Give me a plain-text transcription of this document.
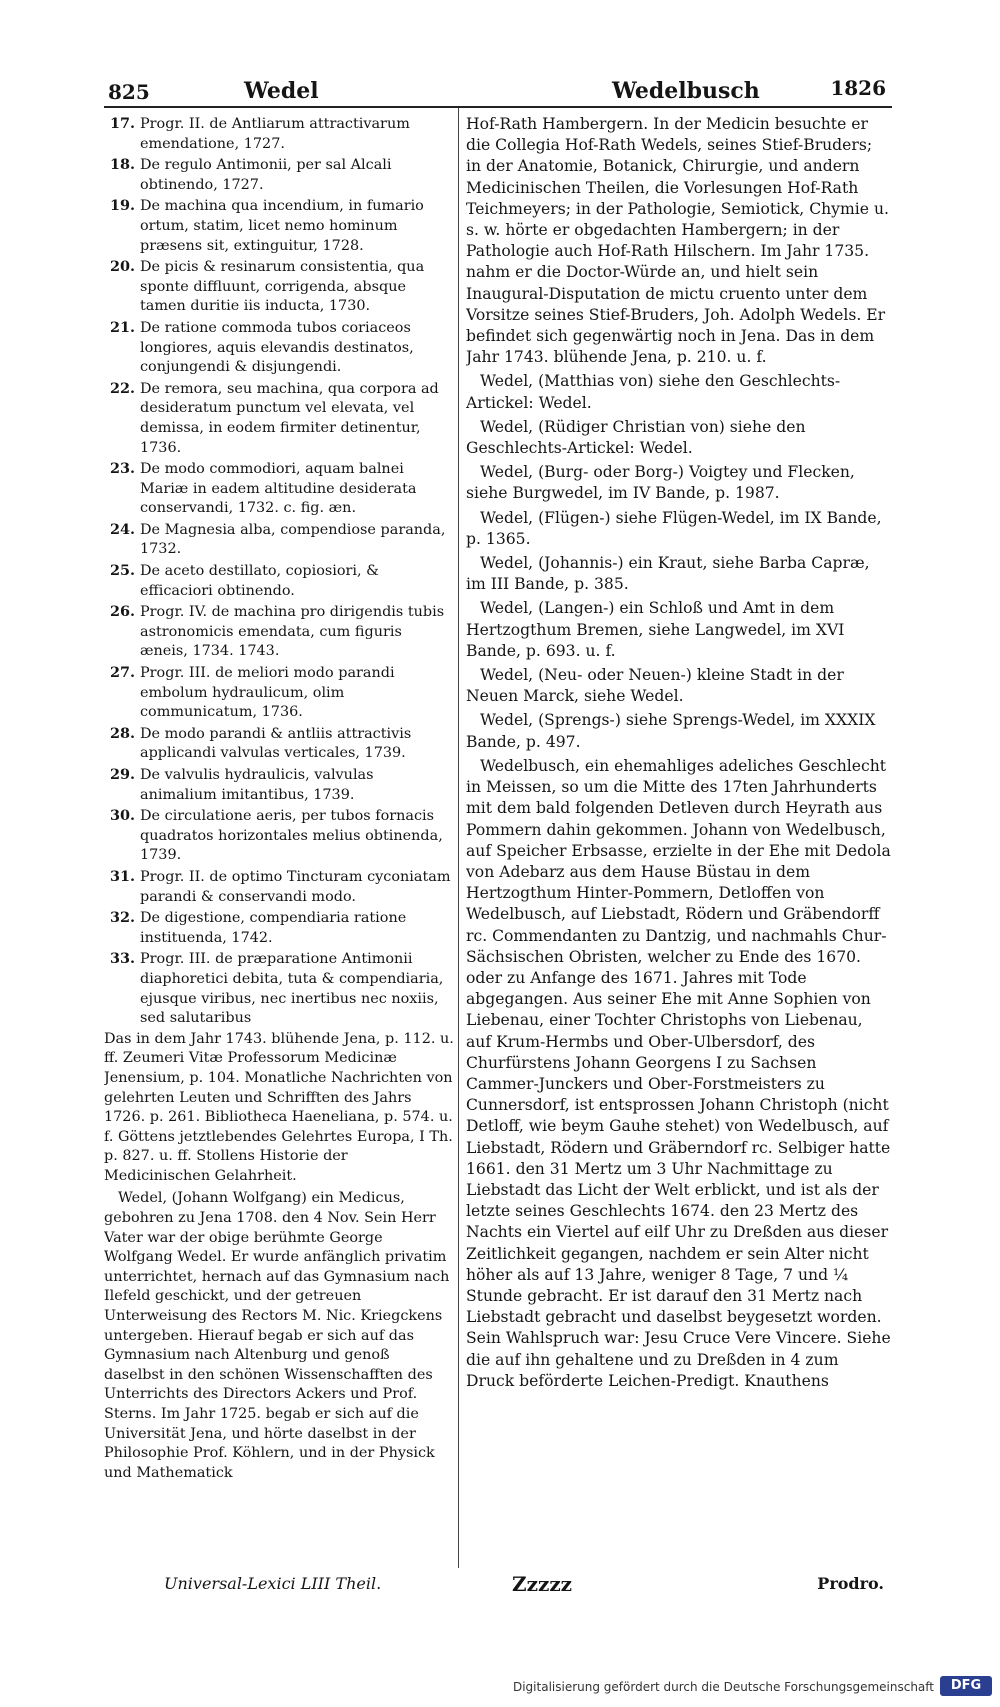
825	Wedel	Wedelbusch	1826
17. Progr. II. de Antliarum attractivarum emendatione, 1727.
18. De regulo Antimonii, per sal Alcali obtinendo, 1727.
19. De machina qua incendium, in fumario ortum, statim, licet nemo hominum præsens sit, extinguitur, 1728.
20. De picis & resinarum consistentia, qua sponte diffluunt, corrigenda, absque tamen duritie iis inducta, 1730.
21. De ratione commoda tubos coriaceos longiores, aquis elevandis destinatos, conjungendi & disjungendi.
22. De remora, seu machina, qua corpora ad desideratum punctum vel elevata, vel demissa, in eodem firmiter detinentur, 1736.
23. De modo commodiori, aquam balnei Mariæ in eadem altitudine desiderata conservandi, 1732. c. fig. æn.
24. De Magnesia alba, compendiose paranda, 1732.
25. De aceto destillato, copiosiori, & efficaciori obtinendo.
26. Progr. IV. de machina pro dirigendis tubis astronomicis emendata, cum figuris æneis, 1734. 1743.
27. Progr. III. de meliori modo parandi embolum hydraulicum, olim communicatum, 1736.
28. De modo parandi & antliis attractivis applicandi valvulas verticales, 1739.
29. De valvulis hydraulicis, valvulas animalium imitantibus, 1739.
30. De circulatione aeris, per tubos fornacis quadratos horizontales melius obtinenda, 1739.
31. Progr. II. de optimo Tincturam cyconiatam parandi & conservandi modo.
32. De digestione, compendiaria ratione instituenda, 1742.
33. Progr. III. de præparatione Antimonii diaphoretici debita, tuta & compendiaria, ejusque viribus, nec inertibus nec noxiis, sed salutaribus

Das in dem Jahr 1743. blühende Jena, p. 112. u. ff. Zeumeri Vitæ Professorum Medicinæ Jenensium, p. 104. Monatliche Nachrichten von gelehrten Leuten und Schrifften des Jahrs 1726. p. 261. Bibliotheca Haeneliana, p. 574. u. f. Göttens jetztlebendes Gelehrtes Europa, I Th. p. 827. u. ff. Stollens Historie der Medicinischen Gelahrheit.

Wedel, (Johann Wolfgang) ein Medicus, gebohren zu Jena 1708. den 4 Nov. Sein Herr Vater war der obige berühmte George Wolfgang Wedel. Er wurde anfänglich privatim unterrichtet, hernach auf das Gymnasium nach Ilefeld geschickt, und der getreuen Unterweisung des Rectors M. Nic. Kriegckens untergeben. Hierauf begab er sich auf das Gymnasium nach Altenburg und genoß daselbst in den schönen Wissenschafften des Unterrichts des Directors Ackers und Prof. Sterns. Im Jahr 1725. begab er sich auf die Universität Jena, und hörte daselbst in der Philosophie Prof. Köhlern, und in der Physick und Mathematick

Hof-Rath Hambergern. In der Medicin besuchte er die Collegia Hof-Rath Wedels, seines Stief-Bruders; in der Anatomie, Botanick, Chirurgie, und andern Medicinischen Theilen, die Vorlesungen Hof-Rath Teichmeyers; in der Pathologie, Semiotick, Chymie u. s. w. hörte er obgedachten Hambergern; in der Pathologie auch Hof-Rath Hilschern. Im Jahr 1735. nahm er die Doctor-Würde an, und hielt sein Inaugural-Disputation de mictu cruento unter dem Vorsitze seines Stief-Bruders, Joh. Adolph Wedels. Er befindet sich gegenwärtig noch in Jena. Das in dem Jahr 1743. blühende Jena, p. 210. u. f.

Wedel, (Matthias von) siehe den Geschlechts-Artickel: Wedel.

Wedel, (Rüdiger Christian von) siehe den Geschlechts-Artickel: Wedel.

Wedel, (Burg- oder Borg-) Voigtey und Flecken, siehe Burgwedel, im IV Bande, p. 1987.

Wedel, (Flügen-) siehe Flügen-Wedel, im IX Bande, p. 1365.

Wedel, (Johannis-) ein Kraut, siehe Barba Capræ, im III Bande, p. 385.

Wedel, (Langen-) ein Schloß und Amt in dem Hertzogthum Bremen, siehe Langwedel, im XVI Bande, p. 693. u. f.

Wedel, (Neu- oder Neuen-) kleine Stadt in der Neuen Marck, siehe Wedel.

Wedel, (Sprengs-) siehe Sprengs-Wedel, im XXXIX Bande, p. 497.

Wedelbusch, ein ehemahliges adeliches Geschlecht in Meissen, so um die Mitte des 17ten Jahrhunderts mit dem bald folgenden Detleven durch Heyrath aus Pommern dahin gekommen. Johann von Wedelbusch, auf Speicher Erbsasse, erzielte in der Ehe mit Dedola von Adebarz aus dem Hause Büstau in dem Hertzogthum Hinter-Pommern, Detloffen von Wedelbusch, auf Liebstadt, Rödern und Gräbendorff rc. Commendanten zu Dantzig, und nachmahls Chur-Sächsischen Obristen, welcher zu Ende des 1670. oder zu Anfange des 1671. Jahres mit Tode abgegangen. Aus seiner Ehe mit Anne Sophien von Liebenau, einer Tochter Christophs von Liebenau, auf Krum-Hermbs und Ober-Ulbersdorf, des Churfürstens Johann Georgens I zu Sachsen Cammer-Junckers und Ober-Forstmeisters zu Cunnersdorf, ist entsprossen Johann Christoph (nicht Detloff, wie beym Gauhe stehet) von Wedelbusch, auf Liebstadt, Rödern und Gräberndorf rc. Selbiger hatte 1661. den 31 Mertz um 3 Uhr Nachmittage zu Liebstadt das Licht der Welt erblickt, und ist als der letzte seines Geschlechts 1674. den 23 Mertz des Nachts ein Viertel auf eilf Uhr zu Dreßden aus dieser Zeitlichkeit gegangen, nachdem er sein Alter nicht höher als auf 13 Jahre, weniger 8 Tage, 7 und ¼ Stunde gebracht. Er ist darauf den 31 Mertz nach Liebstadt gebracht und daselbst beygesetzt worden. Sein Wahlspruch war: Jesu Cruce Vere Vincere. Siehe die auf ihn gehaltene und zu Dreßden in 4 zum Druck beförderte Leichen-Predigt. Knauthens

Universal-Lexici LIII Theil.	Zzzzz	Prodro.
Digitalisierung gefördert durch die Deutsche Forschungsgemeinschaft	DFG
